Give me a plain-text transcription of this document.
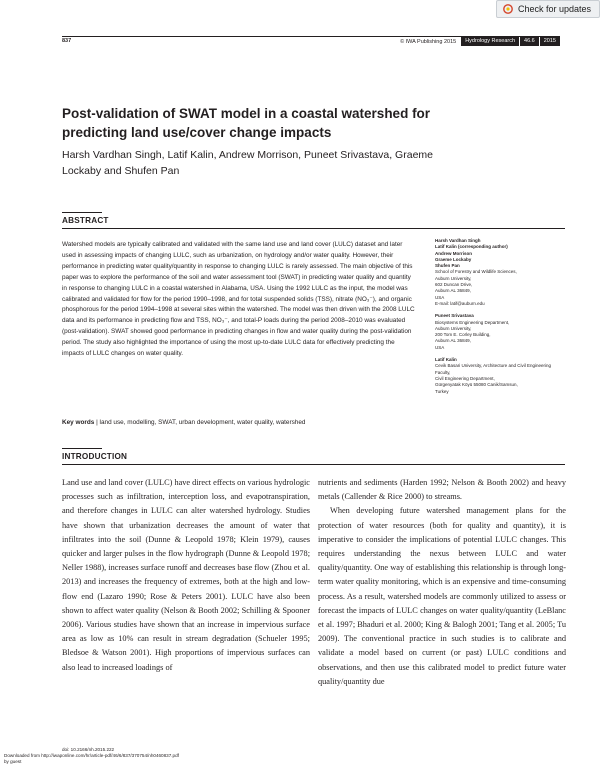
Check for updates
837	© IWA Publishing 2015	Hydrology Research	46.6	2015
Post-validation of SWAT model in a coastal watershed for predicting land use/cover change impacts
Harsh Vardhan Singh, Latif Kalin, Andrew Morrison, Puneet Srivastava, Graeme Lockaby and Shufen Pan
ABSTRACT
Watershed models are typically calibrated and validated with the same land use and land cover (LULC) dataset and later used in assessing impacts of changing LULC, such as urbanization, on hydrology and/or water quality. However, their performance in predicting water quality/quantity in response to changing LULC is rarely assessed. The main objective of this paper was to explore the performance of the soil and water assessment tool (SWAT) in predicting water quality and quantity in response to changing LULC in a coastal watershed in Alabama, USA. Using the 1992 LULC as the input, the model was calibrated and validated for flow for the period 1990–1998, and for total suspended solids (TSS), nitrate (NO₃⁻), and organic phosphorous for the period 1994–1998 at several sites within the watershed. The model was then driven with the 2008 LULC data and its performance in predicting flow and TSS, NO₃⁻, and total-P loads during the period 2008–2010 was evaluated (post-validation). SWAT showed good performance in predicting changes in flow and water quality during the post-validation period. The study also highlighted the importance of using the most up-to-date LULC data for effectively predicting the impacts of LULC changes on water quality.
Key words | land use, modelling, SWAT, urban development, water quality, watershed

Harsh Vardhan Singh

Latif Kalin (corresponding author)

Andrew Morrison

Graeme Lockaby

Shufen Pan

School of Forestry and Wildlife Sciences,

Auburn University,

602 Duncan Drive,

Auburn AL 36849,

USA

E-mail: latif@auburn.edu

Puneet Srivastava

Biosystems Engineering Department,

Auburn University,

200 Tom E. Corley Building,

Auburn AL 36849,

USA

Latif Kalin

Cevik Basari University, Architecture and Civil Engineering Faculty,

Civil Engineering Department,

Gürgenyatak Köyü 55080 Canik/Samsun,

Turkey

INTRODUCTION

Land use and land cover (LULC) have direct effects on various hydrologic processes such as infiltration, interception loss, and evapotranspiration, and therefore changes in LULC can alter watershed hydrology. Studies have shown that urbanization decreases the amount of water that infiltrates into the soil (Dunne & Leopold 1978; Klein 1979), causes quicker and larger pulses in the flow hydrograph (Dunne & Leopold 1978; Neller 1988), increases surface runoff and decreases base flow (Zhou et al. 2013) and increases the frequency of extremes, both at the high and low-flow end (Lazaro 1990; Rose & Peters 2001). LULC have also been shown to affect water quality (Nelson & Booth 2002; Schilling & Spooner 2006). Various studies have shown that an increase in impervious surface area as low as 10% can result in stream degradation (Schueler 1995; Bledsoe & Watson 2001). High proportions of impervious surfaces can also lead to increased loadings of

nutrients and sediments (Harden 1992; Nelson & Booth 2002) and heavy metals (Callender & Rice 2000) to streams.

When developing future watershed management plans for the protection of water resources (both for quality and quantity), it is imperative to consider the implications of potential LULC changes. This requires understanding the nexus between LULC and water quality/quantity. One way of establishing this relationship is through long-term water quality monitoring, which is an expensive and time-consuming process. As a result, watershed models are commonly utilized to assess or forecast the impacts of LULC changes on water quality/quantity (LeBlanc et al. 1997; Bhaduri et al. 2000; King & Balogh 2001; Tang et al. 2005; Tu 2009). The conventional practice in such studies is to calibrate and validate a model based on current (or past) LULC conditions and observations, and then use this calibrated model to predict future water quality/quantity due

doi: 10.2166/nh.2015.222
Downloaded from http://iwaponline.com/hr/article-pdf/46/6/837/370754/nh0460837.pdf
by guest
